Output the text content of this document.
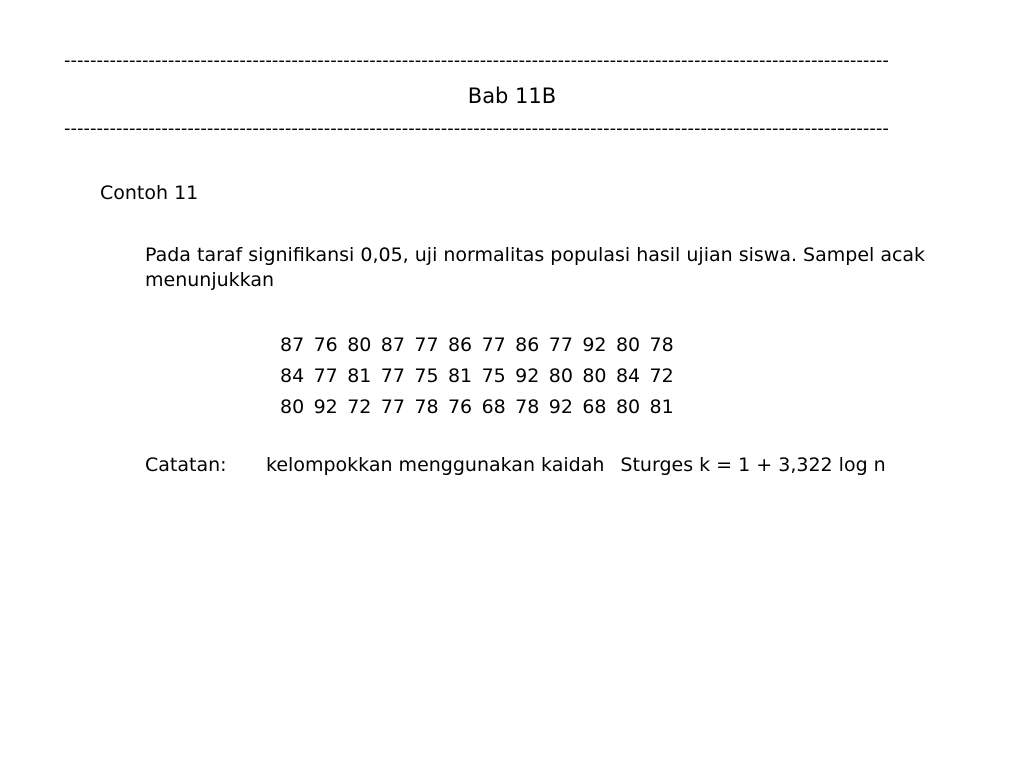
-------------------------------------------------------------------------------------------------------------------------------
Bab 11B
-------------------------------------------------------------------------------------------------------------------------------
Contoh 11
Pada taraf signifikansi 0,05, uji normalitas populasi hasil ujian siswa. Sampel acak menunjukkan
87 76 80 87 77 86 77 86 77 92 80 78
84 77 81 77 75 81 75 92 80 80 84 72
80 92 72 77 78 76 68 78 92 68 80 81
Catatan: kelompokkan menggunakan kaidah Sturges k = 1 + 3,322 log n
